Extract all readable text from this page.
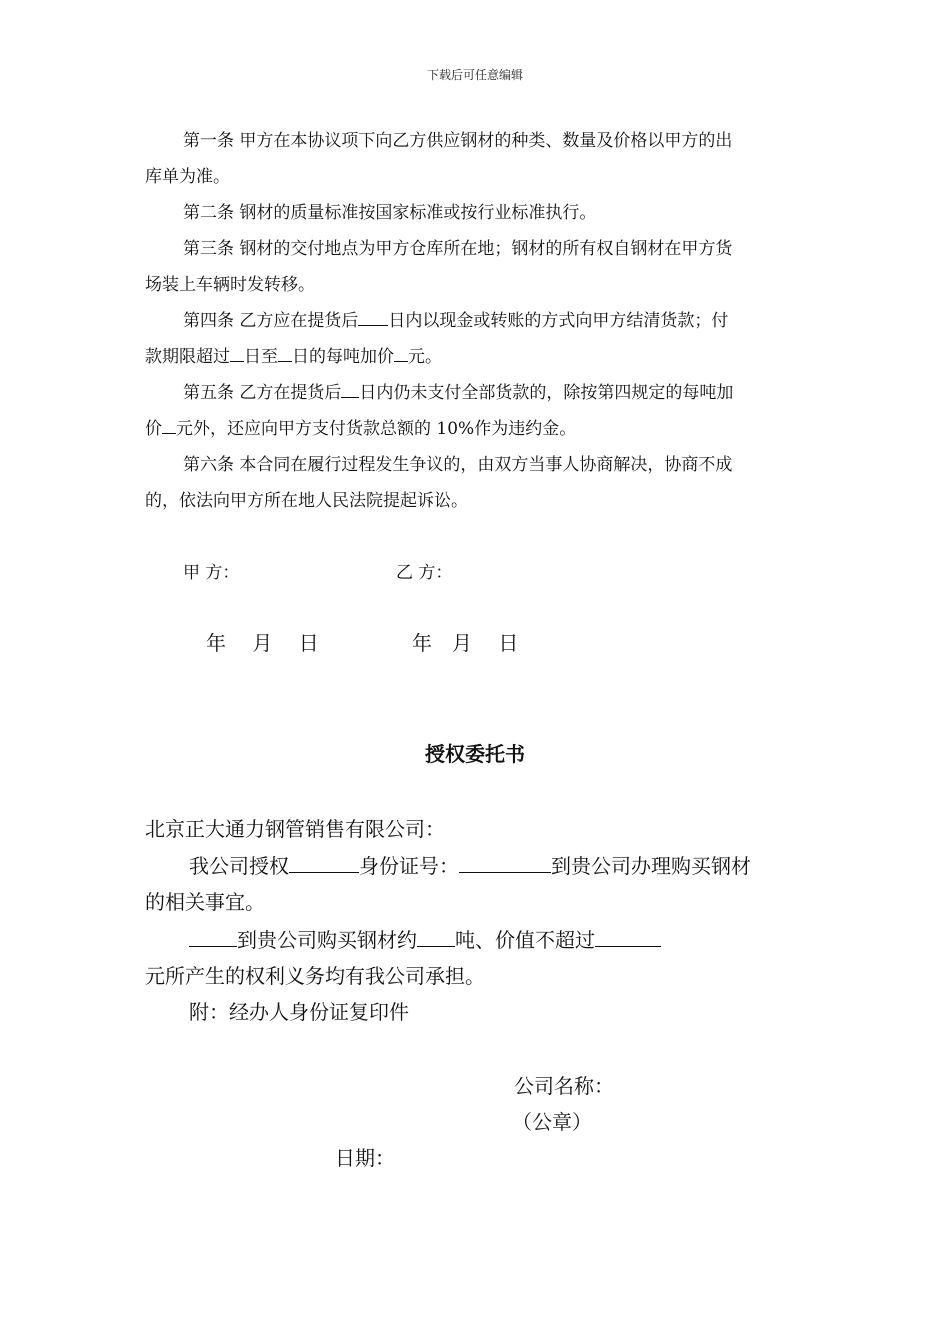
下载后可任意编辑
第一条 甲方在本协议项下向乙方供应钢材的种类、数量及价格以甲方的出
库单为准。
第二条 钢材的质量标准按国家标准或按行业标准执行。
第三条 钢材的交付地点为甲方仓库所在地；钢材的所有权自钢材在甲方货
场装上车辆时发转移。
第四条 乙方应在提货后 日内以现金或转账的方式向甲方结清货款；付
款期限超过 日至 日的每吨加价 元。
第五条 乙方在提货后 日内仍未支付全部货款的，除按第四规定的每吨加
价 元外，还应向甲方支付货款总额的 10%作为违约金。
第六条 本合同在履行过程发生争议的，由双方当事人协商解决，协商不成
的，依法向甲方所在地人民法院提起诉讼。
甲 方：	乙 方：
年　 月　 日	年　月　 日
授权委托书
北京正大通力钢管销售有限公司：
我公司授权	身份证号：	到贵公司办理购买钢材
的相关事宜。
到贵公司购买钢材约 吨、价值不超过
元所产生的权利义务均有我公司承担。
附：经办人身份证复印件
公司名称：
（公章）
日期：
